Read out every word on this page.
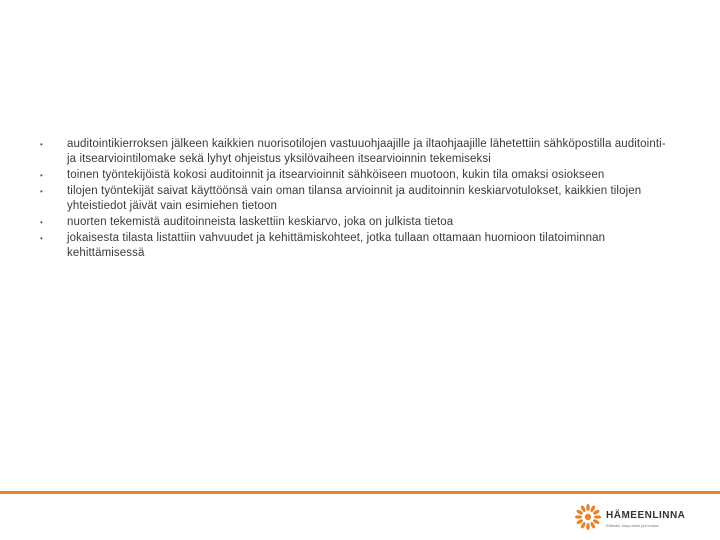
•	auditointikierroksen jälkeen kaikkien nuorisotilojen vastuuohjaajille ja iltaohjaajille lähetettiin sähköpostilla auditointi- ja itsearviointilomake sekä lyhyt ohjeistus yksilövaiheen itsearvioinnin tekemiseksi
•	toinen työntekijöistä kokosi auditoinnit ja itsearvioinnit sähköiseen muotoon, kukin tila omaksi osiokseen
•	tilojen työntekijät saivat käyttöönsä vain oman tilansa arvioinnit ja auditoinnin keskiarvotulokset, kaikkien tilojen yhteistiedot jäivät vain esimiehen tietoon
•	nuorten tekemistä auditoinneista laskettiin keskiarvo, joka on julkista tietoa
•	jokaisesta tilasta listattiin vahvuudet ja kehittämiskohteet, jotka tullaan ottamaan huomioon tilatoiminnan kehittämisessä
HÄMEENLINNA
Elämää, kaupunkia ja luontoa
